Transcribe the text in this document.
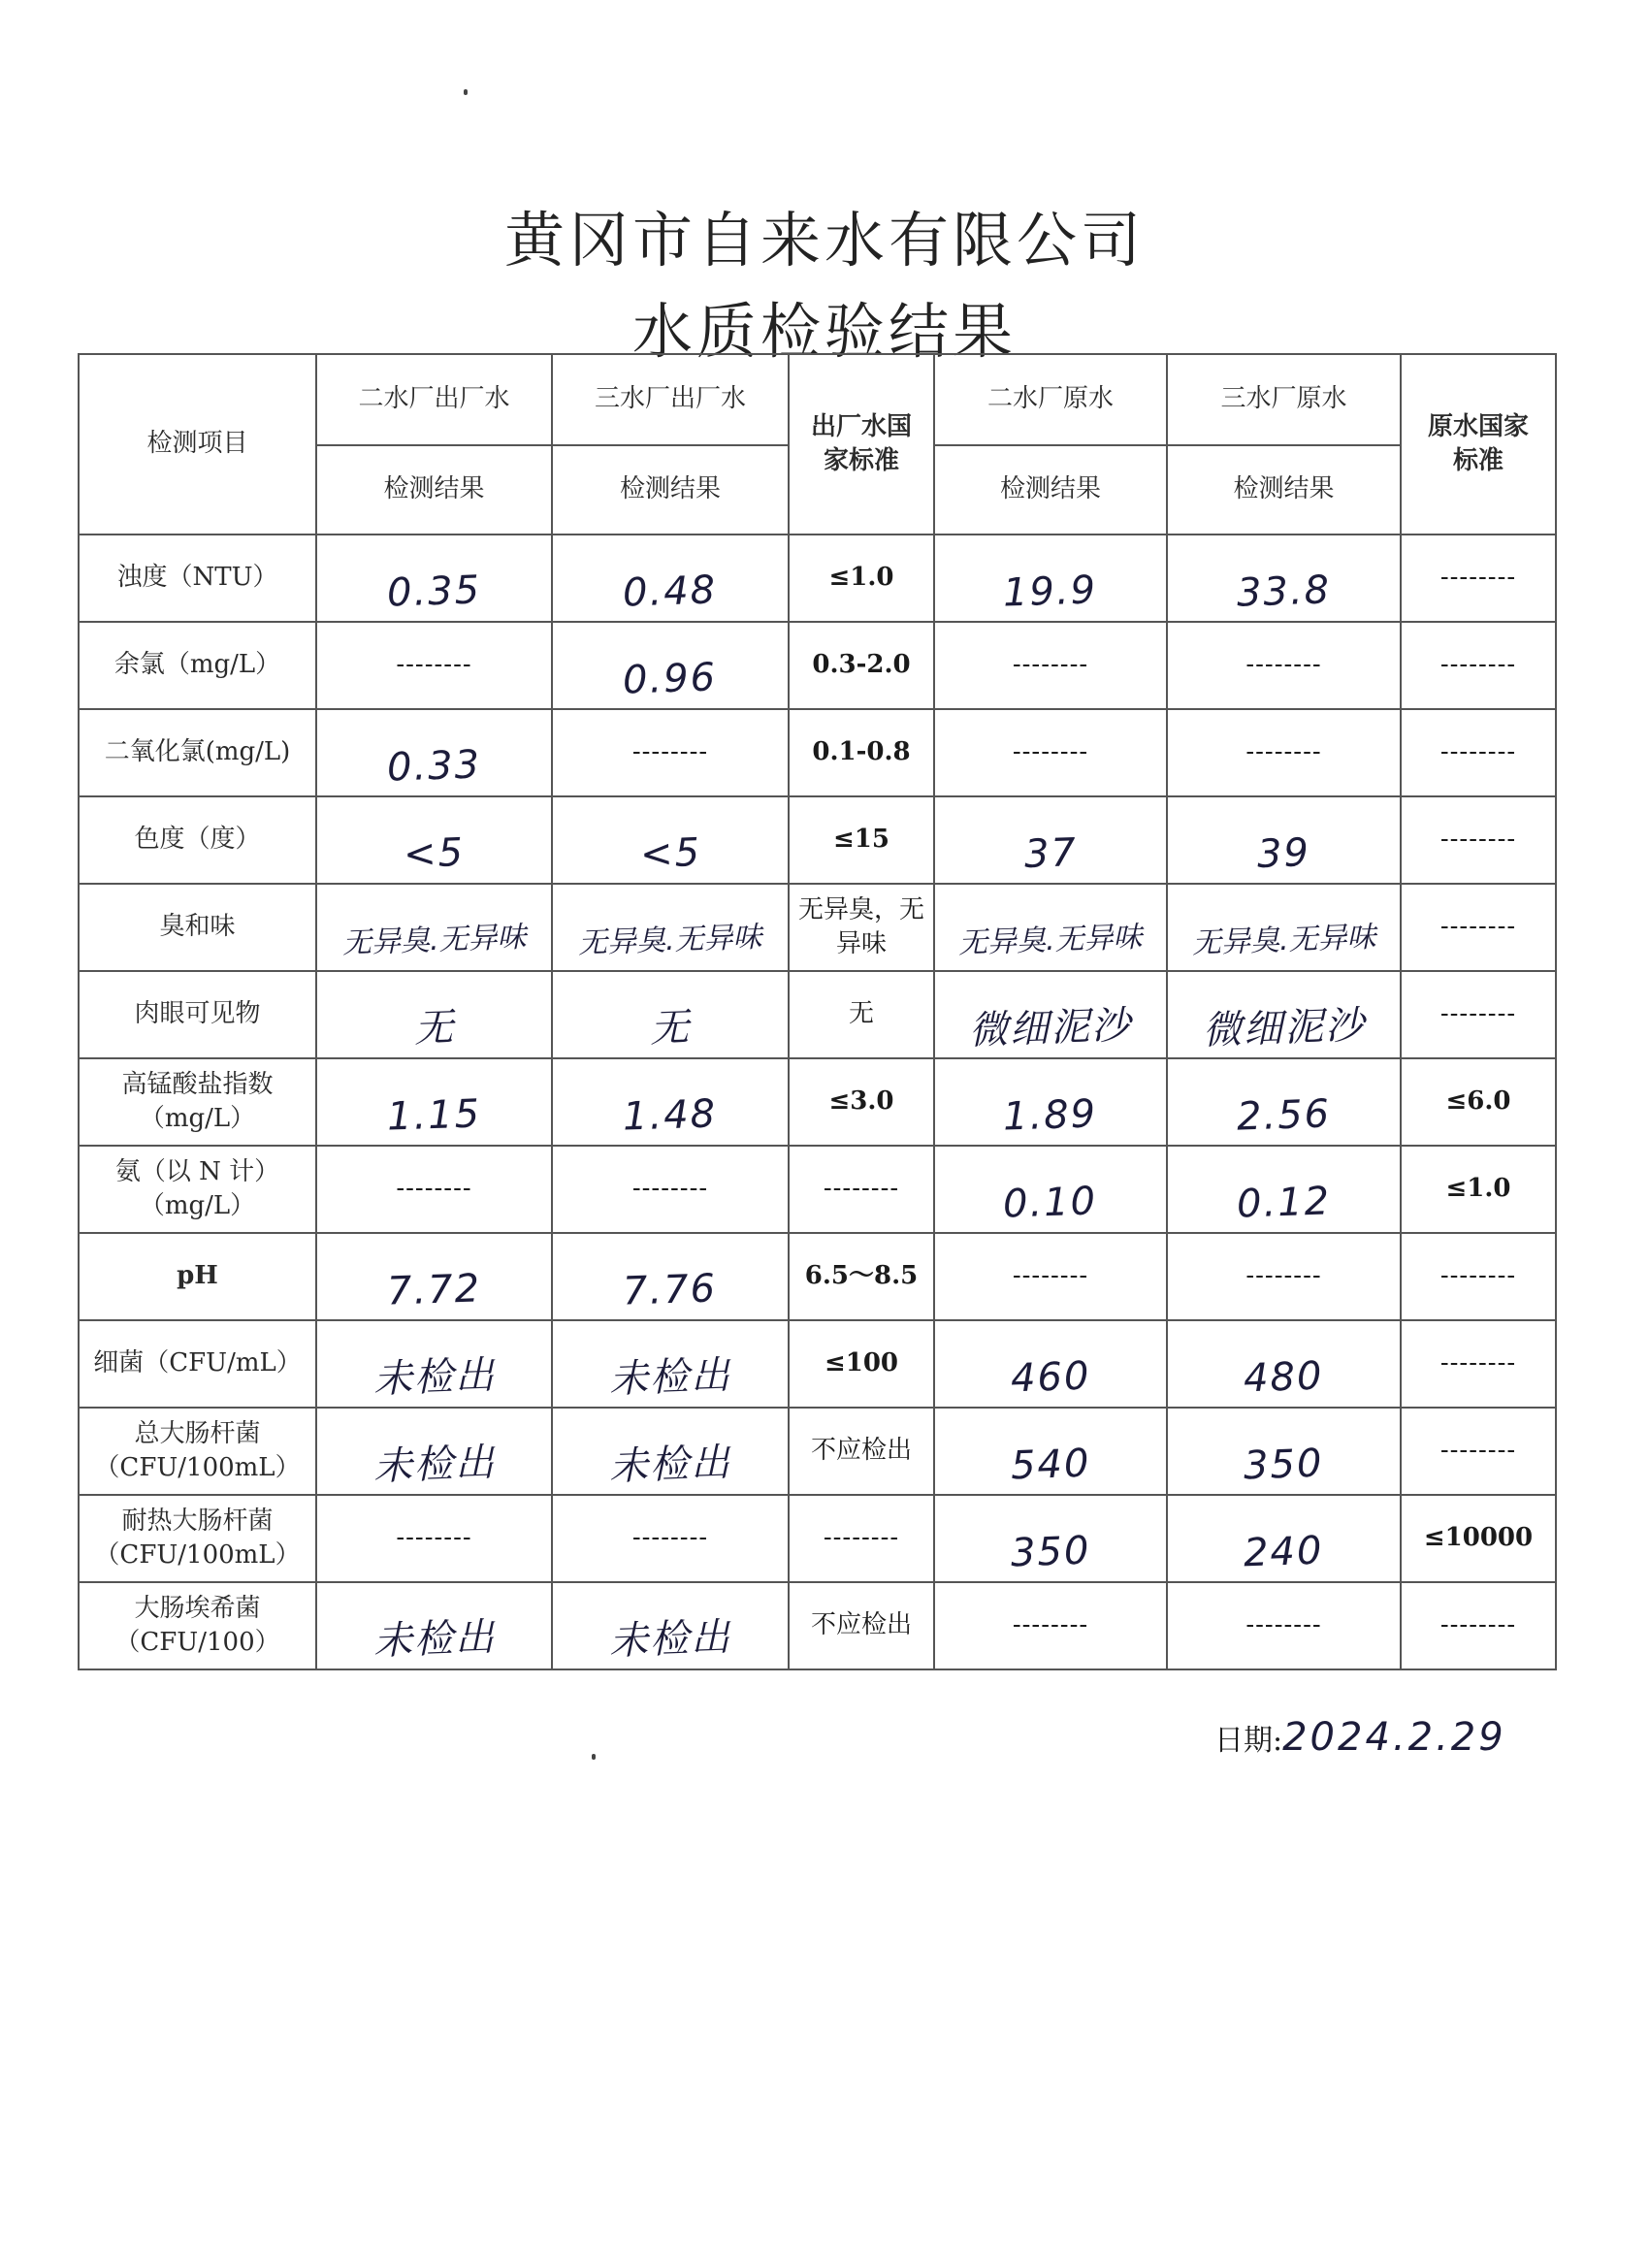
黄冈市自来水有限公司
水质检验结果
检测项目	二水厂出厂水	三水厂出厂水	出厂水国家标准	二水厂原水	三水厂原水	原水国家标准
	检测结果	检测结果		检测结果	检测结果	
浊度（NTU）	0.35	0.48	≤1.0	19.9	33.8	--------
余氯（mg/L）	--------	0.96	0.3-2.0	--------	--------	--------
二氧化氯(mg/L)	0.33	--------	0.1-0.8	--------	--------	--------
色度（度）	<5	<5	≤15	37	39	--------
臭和味	无异臭.无异味	无异臭.无异味	无异臭，无异味	无异臭.无异味	无异臭.无异味	--------
肉眼可见物	无	无	无	微细泥沙	微细泥沙	--------
高锰酸盐指数（mg/L）	1.15	1.48	≤3.0	1.89	2.56	≤6.0
氨（以 N 计）（mg/L）	--------	--------	--------	0.10	0.12	≤1.0
pH	7.72	7.76	6.5～8.5	--------	--------	--------
细菌（CFU/mL）	未检出	未检出	≤100	460	480	--------
总大肠杆菌（CFU/100mL）	未检出	未检出	不应检出	540	350	--------
耐热大肠杆菌（CFU/100mL）	--------	--------	--------	350	240	≤10000
大肠埃希菌（CFU/100）	未检出	未检出	不应检出	--------	--------	--------
日期:2024.2.29
